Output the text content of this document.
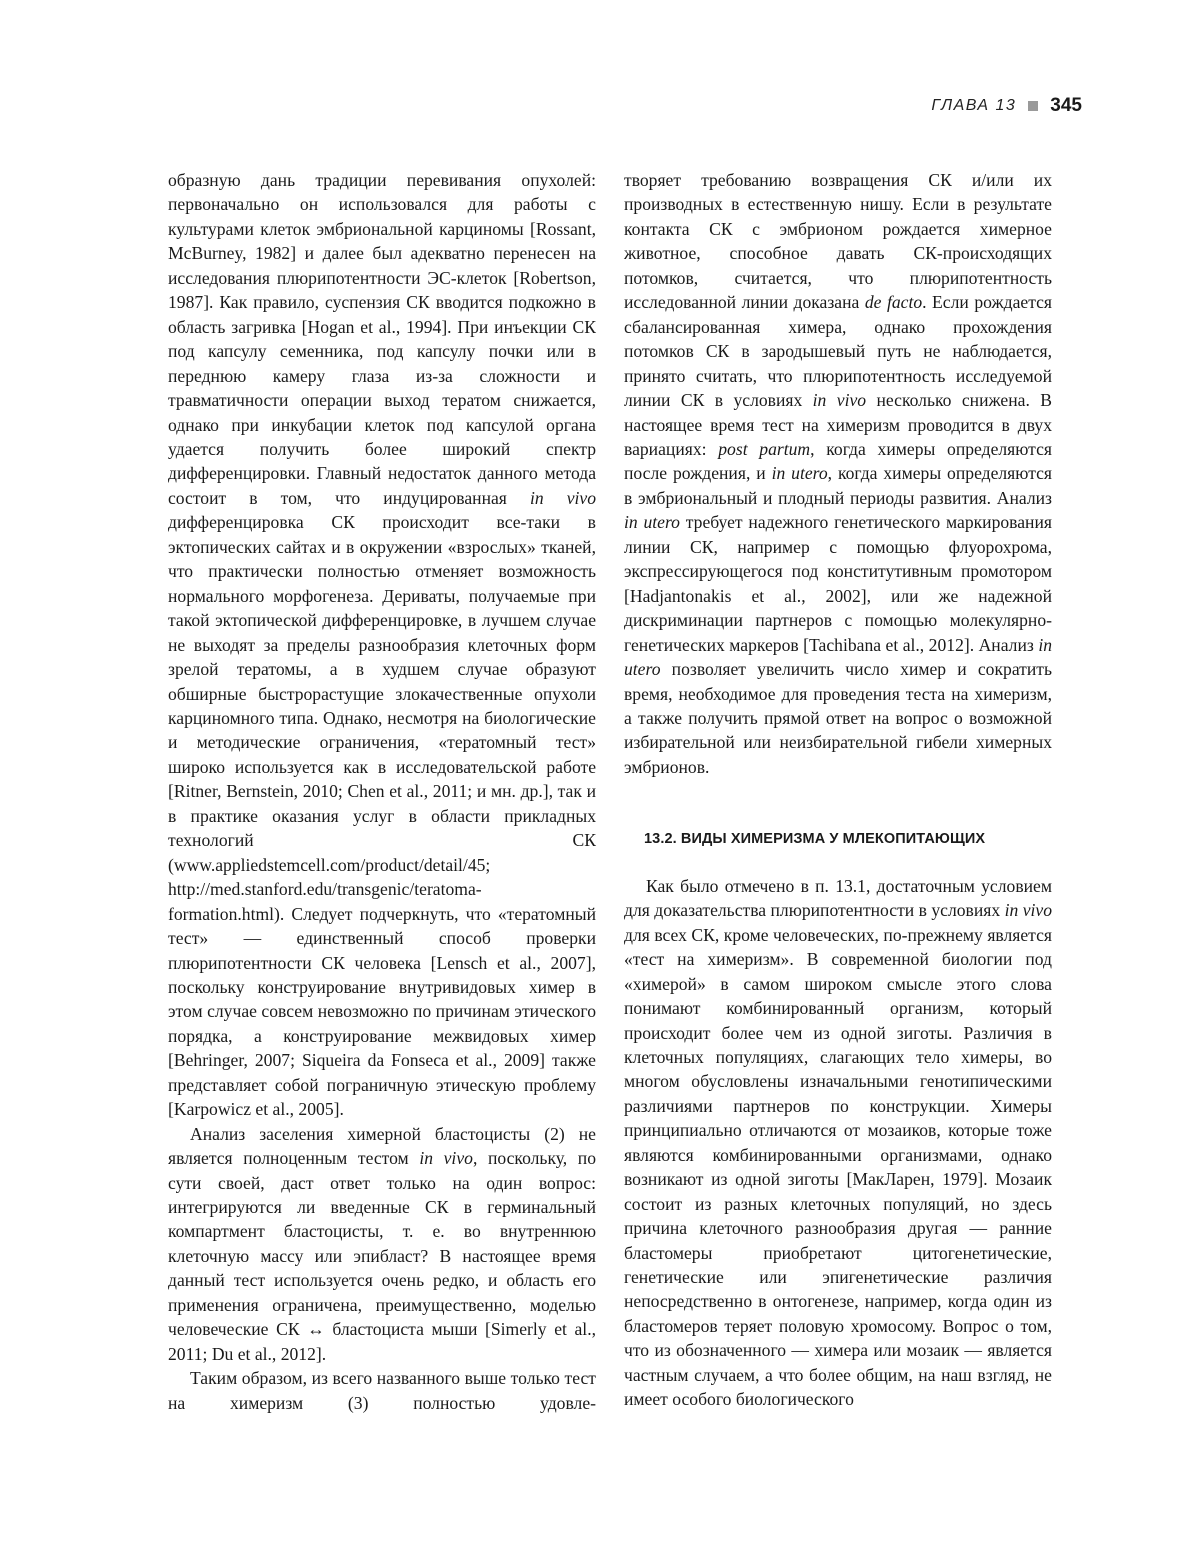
ГЛАВА 13 345

образную дань традиции перевивания опухолей: первоначально он использовался для работы с культурами клеток эмбриональной карциномы [Rossant, McBurney, 1982] и далее был адекватно перенесен на исследования плюрипотентности ЭС-клеток [Robertson, 1987]. Как правило, суспензия СК вводится подкожно в область загривка [Hogan et al., 1994]. При инъекции СК под капсулу семенника, под капсулу почки или в переднюю камеру глаза из-за сложности и травматичности операции выход тератом снижается, однако при инкубации клеток под капсулой органа удается получить более широкий спектр дифференцировки. Главный недостаток данного метода состоит в том, что индуцированная in vivo дифференцировка СК происходит все-таки в эктопических сайтах и в окружении «взрослых» тканей, что практически полностью отменяет возможность нормального морфогенеза. Дериваты, получаемые при такой эктопической дифференцировке, в лучшем случае не выходят за пределы разнообразия клеточных форм зрелой тератомы, а в худшем случае образуют обширные быстрорастущие злокачественные опухоли карциномного типа. Однако, несмотря на биологические и методические ограничения, «тератомный тест» широко используется как в исследовательской работе [Ritner, Bernstein, 2010; Chen et al., 2011; и мн. др.], так и в практике оказания услуг в области прикладных технологий СК (www.appliedstemcell.com/product/detail/45; http://med.stanford.edu/transgenic/teratoma-formation.html). Следует подчеркнуть, что «тератомный тест» — единственный способ проверки плюрипотентности СК человека [Lensch et al., 2007], поскольку конструирование внутривидовых химер в этом случае совсем невозможно по причинам этического порядка, а конструирование межвидовых химер [Behringer, 2007; Siqueira da Fonseca et al., 2009] также представляет собой пограничную этическую проблему [Karpowicz et al., 2005].

Анализ заселения химерной бластоцисты (2) не является полноценным тестом in vivo, поскольку, по сути своей, даст ответ только на один вопрос: интегрируются ли введенные СК в герминальный компартмент бластоцисты, т. е. во внутреннюю клеточную массу или эпибласт? В настоящее время данный тест используется очень редко, и область его применения ограничена, преимущественно, моделью человеческие СК ↔ бластоциста мыши [Simerly et al., 2011; Du et al., 2012].

Таким образом, из всего названного выше только тест на химеризм (3) полностью удовле-

творяет требованию возвращения СК и/или их производных в естественную нишу. Если в результате контакта СК с эмбрионом рождается химерное животное, способное давать СК-происходящих потомков, считается, что плюрипотентность исследованной линии доказана de facto. Если рождается сбалансированная химера, однако прохождения потомков СК в зародышевый путь не наблюдается, принято считать, что плюрипотентность исследуемой линии СК в условиях in vivo несколько снижена. В настоящее время тест на химеризм проводится в двух вариациях: post partum, когда химеры определяются после рождения, и in utero, когда химеры определяются в эмбриональный и плодный периоды развития. Анализ in utero требует надежного генетического маркирования линии СК, например с помощью флуорохрома, экспрессирующегося под конститутивным промотором [Hadjantonakis et al., 2002], или же надежной дискриминации партнеров с помощью молекулярно-генетических маркеров [Tachibana et al., 2012]. Анализ in utero позволяет увеличить число химер и сократить время, необходимое для проведения теста на химеризм, а также получить прямой ответ на вопрос о возможной избирательной или неизбирательной гибели химерных эмбрионов.

13.2. ВИДЫ ХИМЕРИЗМА У МЛЕКОПИТАЮЩИХ

Как было отмечено в п. 13.1, достаточным условием для доказательства плюрипотентности в условиях in vivo для всех СК, кроме человеческих, по-прежнему является «тест на химеризм». В современной биологии под «химерой» в самом широком смысле этого слова понимают комбинированный организм, который происходит более чем из одной зиготы. Различия в клеточных популяциях, слагающих тело химеры, во многом обусловлены изначальными генотипическими различиями партнеров по конструкции. Химеры принципиально отличаются от мозаиков, которые тоже являются комбинированными организмами, однако возникают из одной зиготы [МакЛарен, 1979]. Мозаик состоит из разных клеточных популяций, но здесь причина клеточного разнообразия другая — ранние бластомеры приобретают цитогенетические, генетические или эпигенетические различия непосредственно в онтогенезе, например, когда один из бластомеров теряет половую хромосому. Вопрос о том, что из обозначенного — химера или мозаик — является частным случаем, а что более общим, на наш взгляд, не имеет особого биологического
